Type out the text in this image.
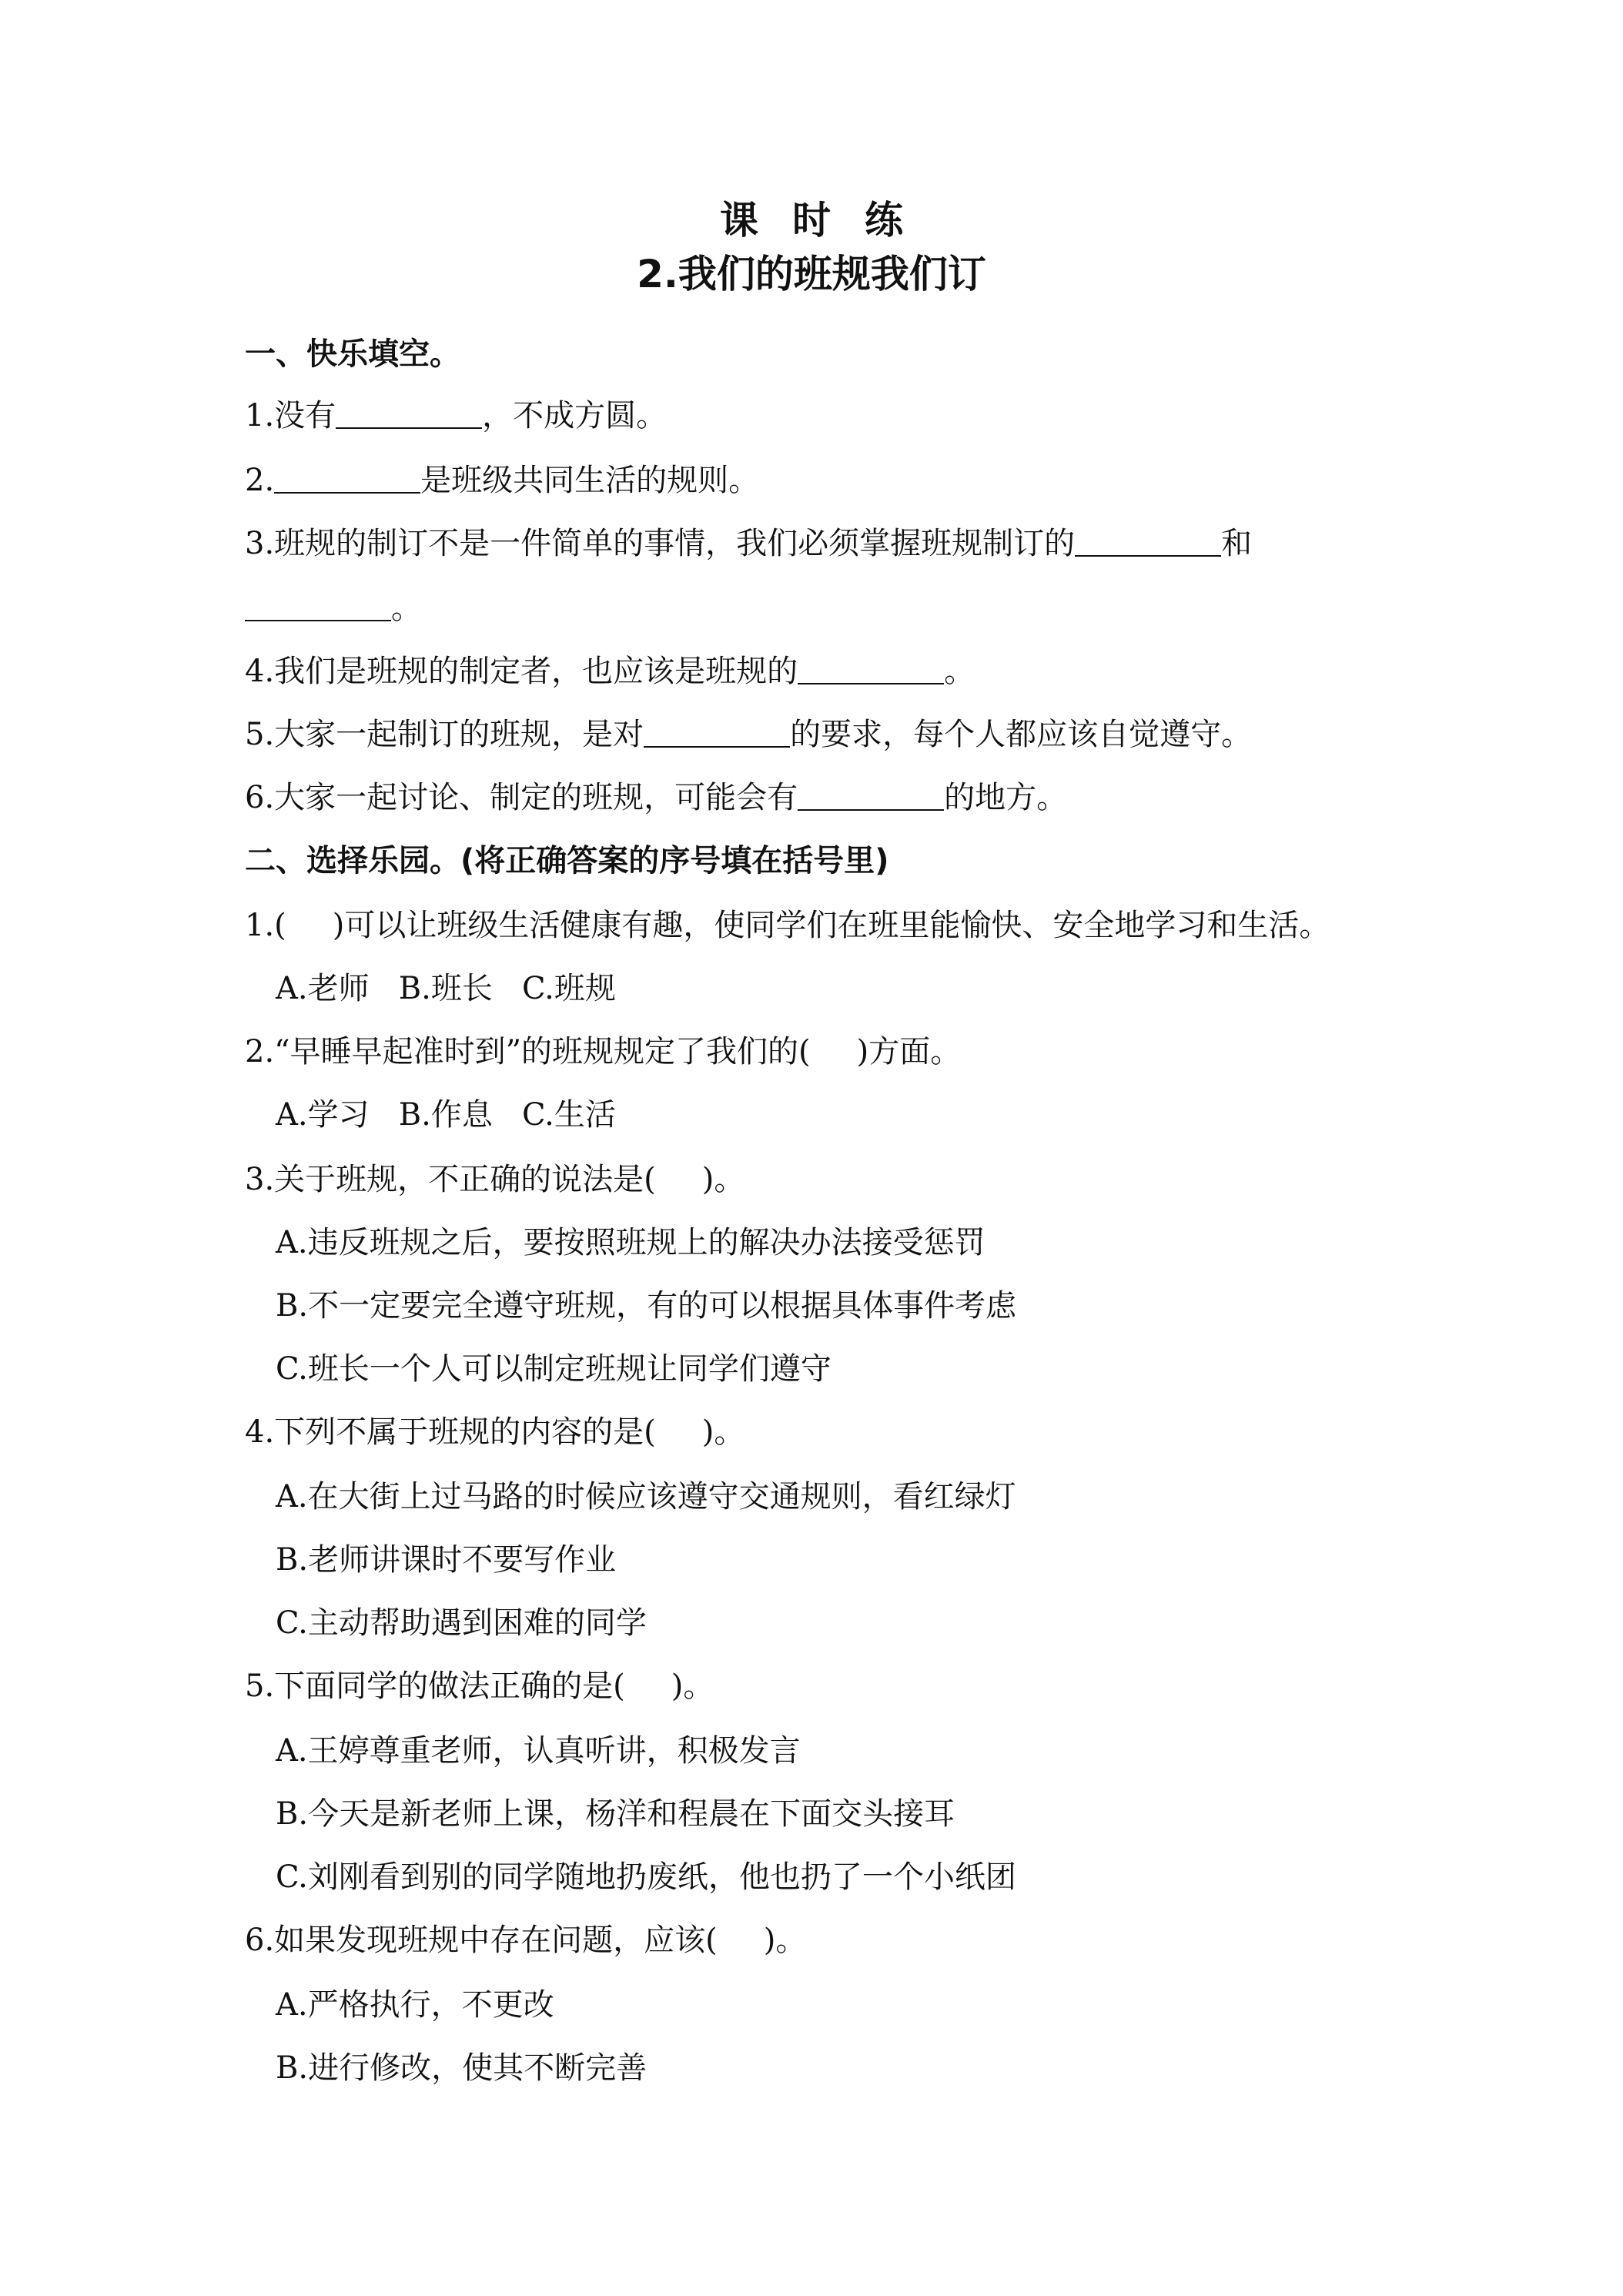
课时练
2.我们的班规我们订
一、快乐填空。
1.没有	，不成方圆。
2.	是班级共同生活的规则。
3.班规的制订不是一件简单的事情，我们必须掌握班规制订的	和
。
4.我们是班规的制定者，也应该是班规的	。
5.大家一起制订的班规，是对	的要求，每个人都应该自觉遵守。
6.大家一起讨论、制定的班规，可能会有	的地方。
二、选择乐园。(将正确答案的序号填在括号里)
1.( )可以让班级生活健康有趣，使同学们在班里能愉快、安全地学习和生活。
A.老师   B.班长   C.班规
2.“早睡早起准时到”的班规规定了我们的( )方面。
A.学习   B.作息   C.生活
3.关于班规，不正确的说法是( )。
A.违反班规之后，要按照班规上的解决办法接受惩罚
B.不一定要完全遵守班规，有的可以根据具体事件考虑
C.班长一个人可以制定班规让同学们遵守
4.下列不属于班规的内容的是( )。
A.在大街上过马路的时候应该遵守交通规则，看红绿灯
B.老师讲课时不要写作业
C.主动帮助遇到困难的同学
5.下面同学的做法正确的是( )。
A.王婷尊重老师，认真听讲，积极发言
B.今天是新老师上课，杨洋和程晨在下面交头接耳
C.刘刚看到别的同学随地扔废纸，他也扔了一个小纸团
6.如果发现班规中存在问题，应该( )。
A.严格执行，不更改
B.进行修改，使其不断完善
